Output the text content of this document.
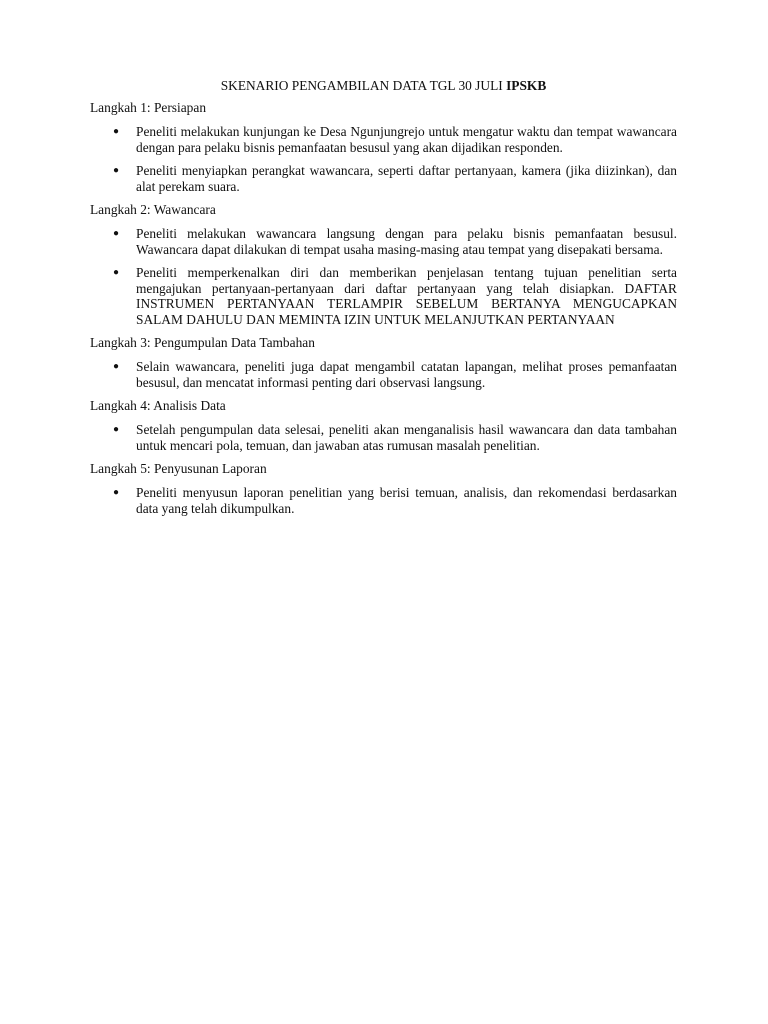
SKENARIO PENGAMBILAN DATA TGL 30 JULI IPSKB
Langkah 1: Persiapan
● Peneliti melakukan kunjungan ke Desa Ngunjungrejo untuk mengatur waktu dan tempat wawancara dengan para pelaku bisnis pemanfaatan besusul yang akan dijadikan responden.
● Peneliti menyiapkan perangkat wawancara, seperti daftar pertanyaan, kamera (jika diizinkan), dan alat perekam suara.
Langkah 2: Wawancara
● Peneliti melakukan wawancara langsung dengan para pelaku bisnis pemanfaatan besusul. Wawancara dapat dilakukan di tempat usaha masing-masing atau tempat yang disepakati bersama.
● Peneliti memperkenalkan diri dan memberikan penjelasan tentang tujuan penelitian serta mengajukan pertanyaan-pertanyaan dari daftar pertanyaan yang telah disiapkan. DAFTAR INSTRUMEN PERTANYAAN TERLAMPIR SEBELUM BERTANYA MENGUCAPKAN SALAM DAHULU DAN MEMINTA IZIN UNTUK MELANJUTKAN PERTANYAAN
Langkah 3: Pengumpulan Data Tambahan
● Selain wawancara, peneliti juga dapat mengambil catatan lapangan, melihat proses pemanfaatan besusul, dan mencatat informasi penting dari observasi langsung.
Langkah 4: Analisis Data
● Setelah pengumpulan data selesai, peneliti akan menganalisis hasil wawancara dan data tambahan untuk mencari pola, temuan, dan jawaban atas rumusan masalah penelitian.
Langkah 5: Penyusunan Laporan
● Peneliti menyusun laporan penelitian yang berisi temuan, analisis, dan rekomendasi berdasarkan data yang telah dikumpulkan.
